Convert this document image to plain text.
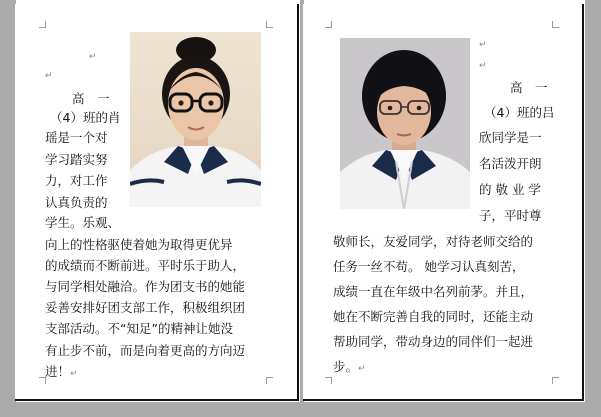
↵
↵
高　一
（4）班的肖
瑶是一个对
学习踏实努
力，对工作
认真负责的
学生。乐观、
向上的性格驱使着她为取得更优异
的成绩而不断前进。平时乐于助人，
与同学相处融洽。作为团支书的她能
妥善安排好团支部工作，积极组织团
支部活动。不“知足”的精神让她没
有止步不前，而是向着更高的方向迈
进！↵
↵
↵
高　一
（4）班的吕
欣同学是一
名活泼开朗
的 敬 业 学
子，平时尊
敬师长，友爱同学，对待老师交给的
任务一丝不苟。 她学习认真刻苦，
成绩一直在年级中名列前茅。并且，
她在不断完善自我的同时，还能主动
帮助同学，带动身边的同伴们一起进
步。↵
